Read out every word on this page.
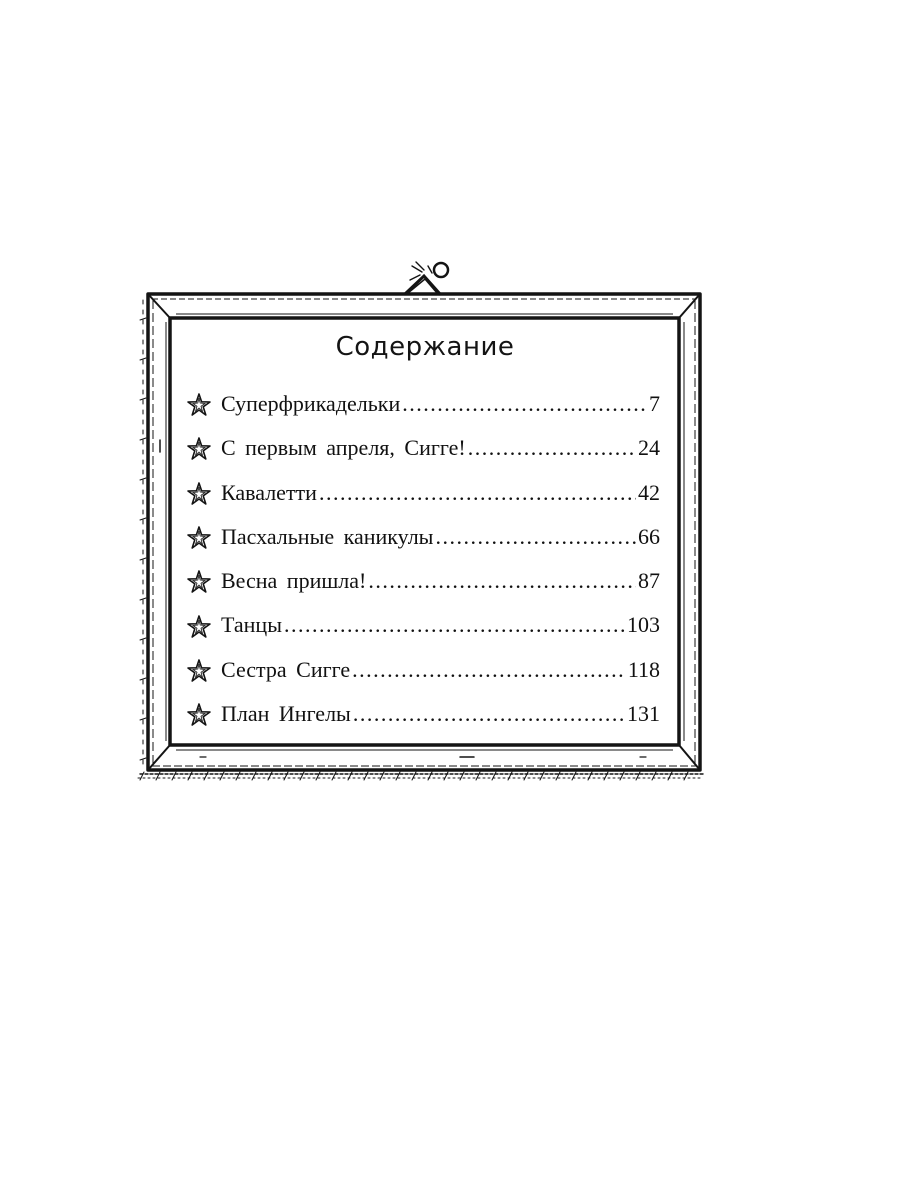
Содержание
Суперфрикадельки .....	7
С первым апреля, Сигге! .....	24
Кавалетти .....	42
Пасхальные каникулы .....	66
Весна пришла! .....	87
Танцы .....	103
Сестра Сигге .....	118
План Ингелы .....	131
